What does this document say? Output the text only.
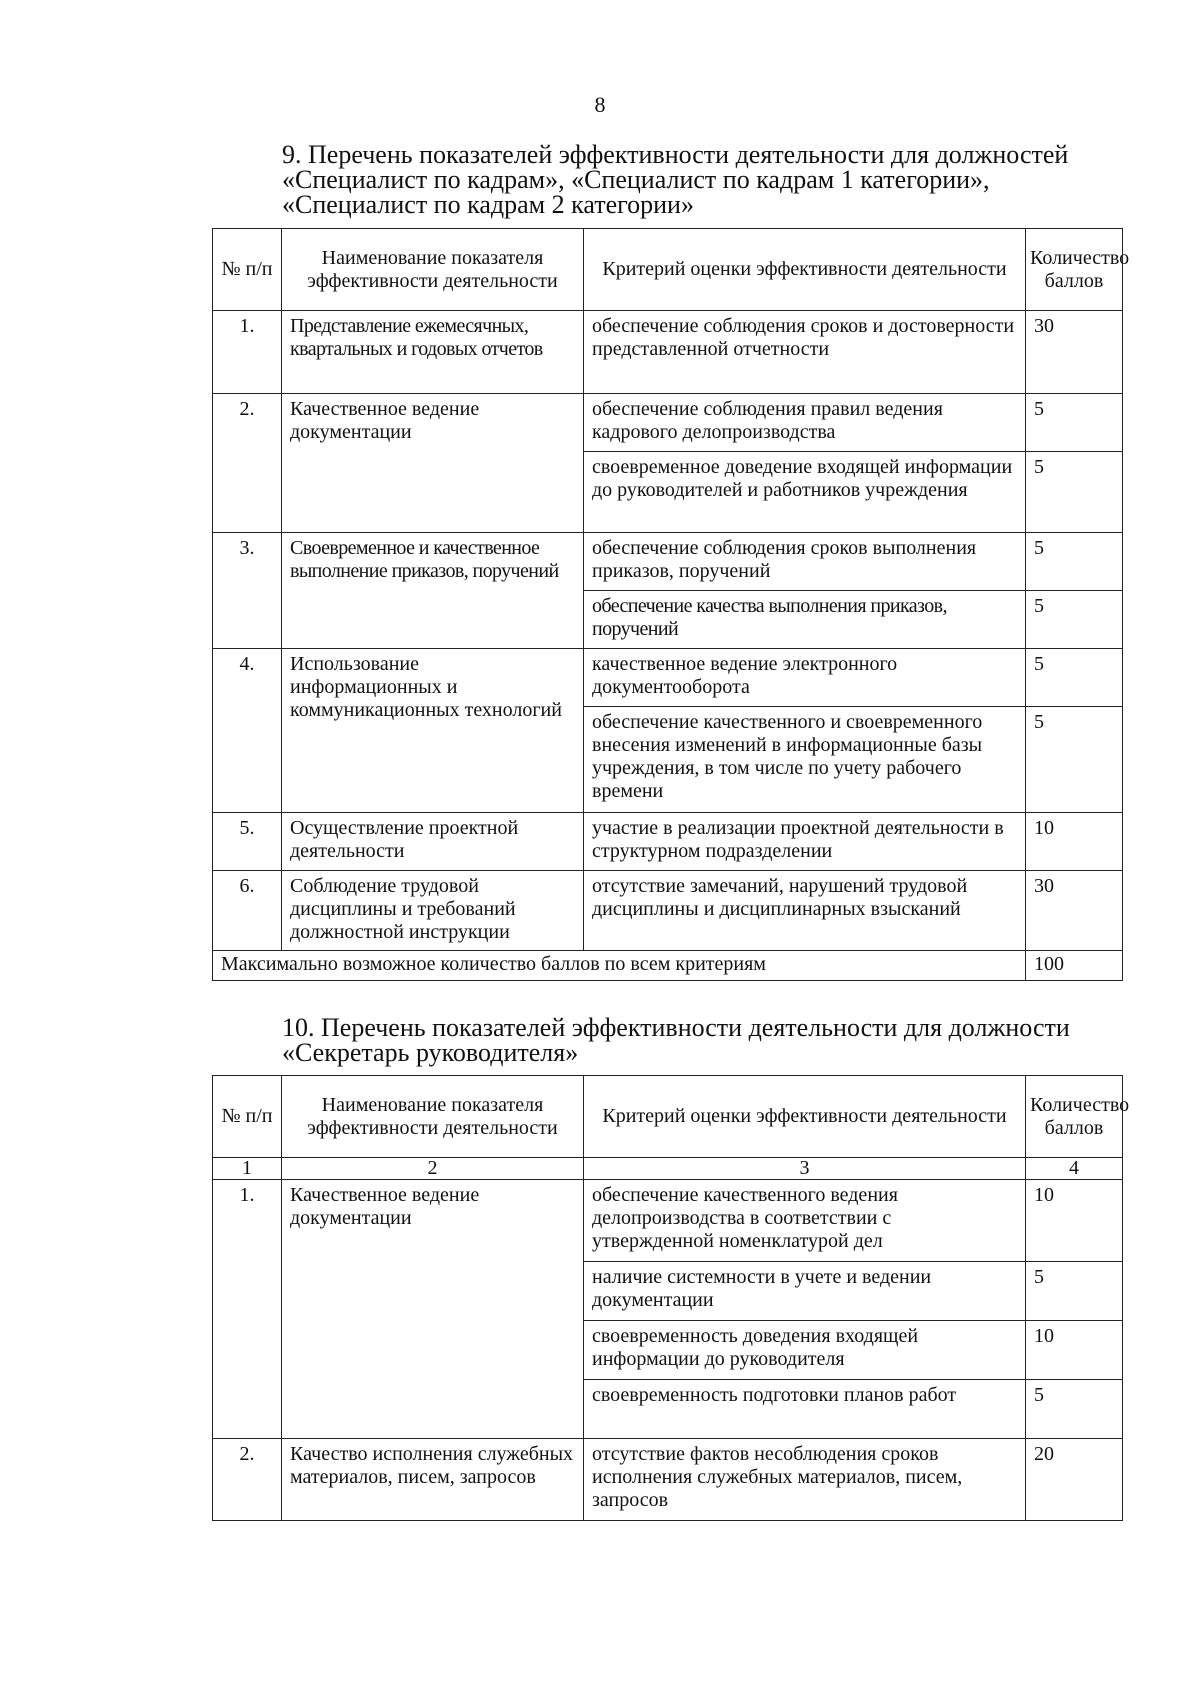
8
9. Перечень показателей эффективности деятельности для должностей
«Специалист по кадрам», «Специалист по кадрам 1 категории»,
«Специалист по кадрам 2 категории»
№ п/п	Наименование показателя эффективности деятельности	Критерий оценки эффективности деятельности	Количество баллов
1.	Представление ежемесячных, квартальных и годовых отчетов	обеспечение соблюдения сроков и достоверности представленной отчетности	30
2.	Качественное ведение документации	обеспечение соблюдения правил ведения кадрового делопроизводства	5
		своевременное доведение входящей информации до руководителей и работников учреждения	5
3.	Своевременное и качественное выполнение приказов, поручений	обеспечение соблюдения сроков выполнения приказов, поручений	5
		обеспечение качества выполнения приказов, поручений	5
4.	Использование информационных и коммуникационных технологий	качественное ведение электронного документооборота	5
		обеспечение качественного и своевременного внесения изменений в информационные базы учреждения, в том числе по учету рабочего времени	5
5.	Осуществление проектной деятельности	участие в реализации проектной деятельности в структурном подразделении	10
6.	Соблюдение трудовой дисциплины и требований должностной инструкции	отсутствие замечаний, нарушений трудовой дисциплины и дисциплинарных взысканий	30
Максимально возможное количество баллов по всем критериям			100
10. Перечень показателей эффективности деятельности для должности
«Секретарь руководителя»
№ п/п	Наименование показателя эффективности деятельности	Критерий оценки эффективности деятельности	Количество баллов
1	2	3	4
1.	Качественное ведение документации	обеспечение качественного ведения делопроизводства в соответствии с утвержденной номенклатурой дел	10
		наличие системности в учете и ведении документации	5
		своевременность доведения входящей информации до руководителя	10
		своевременность подготовки планов работ	5
2.	Качество исполнения служебных материалов, писем, запросов	отсутствие фактов несоблюдения сроков исполнения служебных материалов, писем, запросов	20
